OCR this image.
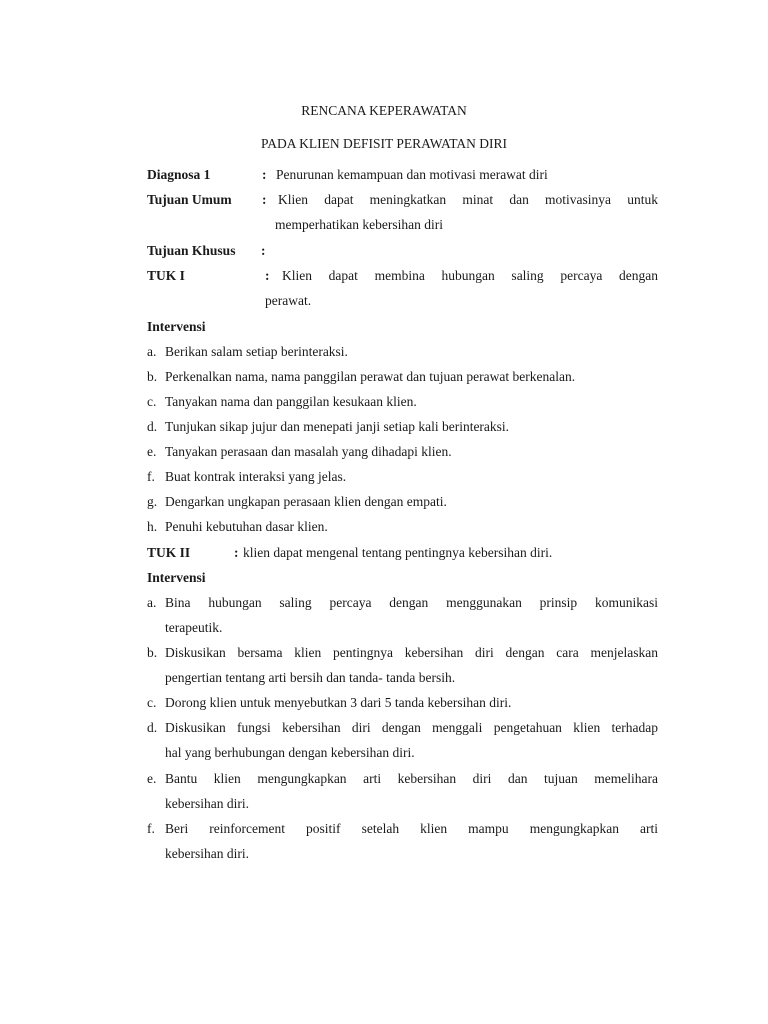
RENCANA KEPERAWATAN
PADA KLIEN DEFISIT PERAWATAN DIRI
Diagnosa 1	: Penurunan kemampuan dan motivasi merawat diri
Tujuan Umum : Klien dapat meningkatkan minat dan motivasinya untuk
memperhatikan kebersihan diri
Tujuan Khusus :
TUK I	: Klien dapat membina hubungan saling percaya dengan
perawat.
Intervensi
a. Berikan salam setiap berinteraksi.
b. Perkenalkan nama, nama panggilan perawat dan tujuan perawat berkenalan.
c. Tanyakan nama dan panggilan kesukaan klien.
d. Tunjukan sikap jujur dan menepati janji setiap kali berinteraksi.
e. Tanyakan perasaan dan masalah yang dihadapi klien.
f. Buat kontrak interaksi yang jelas.
g. Dengarkan ungkapan perasaan klien dengan empati.
h. Penuhi kebutuhan dasar klien.
TUK II	: klien dapat mengenal tentang pentingnya kebersihan diri.
Intervensi
a. Bina hubungan saling percaya dengan menggunakan prinsip komunikasi
terapeutik.
b. Diskusikan bersama klien pentingnya kebersihan diri dengan cara menjelaskan
pengertian tentang arti bersih dan tanda- tanda bersih.
c. Dorong klien untuk menyebutkan 3 dari 5 tanda kebersihan diri.
d. Diskusikan fungsi kebersihan diri dengan menggali pengetahuan klien terhadap
hal yang berhubungan dengan kebersihan diri.
e. Bantu klien mengungkapkan arti kebersihan diri dan tujuan memelihara
kebersihan diri.
f. Beri reinforcement positif setelah klien mampu mengungkapkan arti
kebersihan diri.
